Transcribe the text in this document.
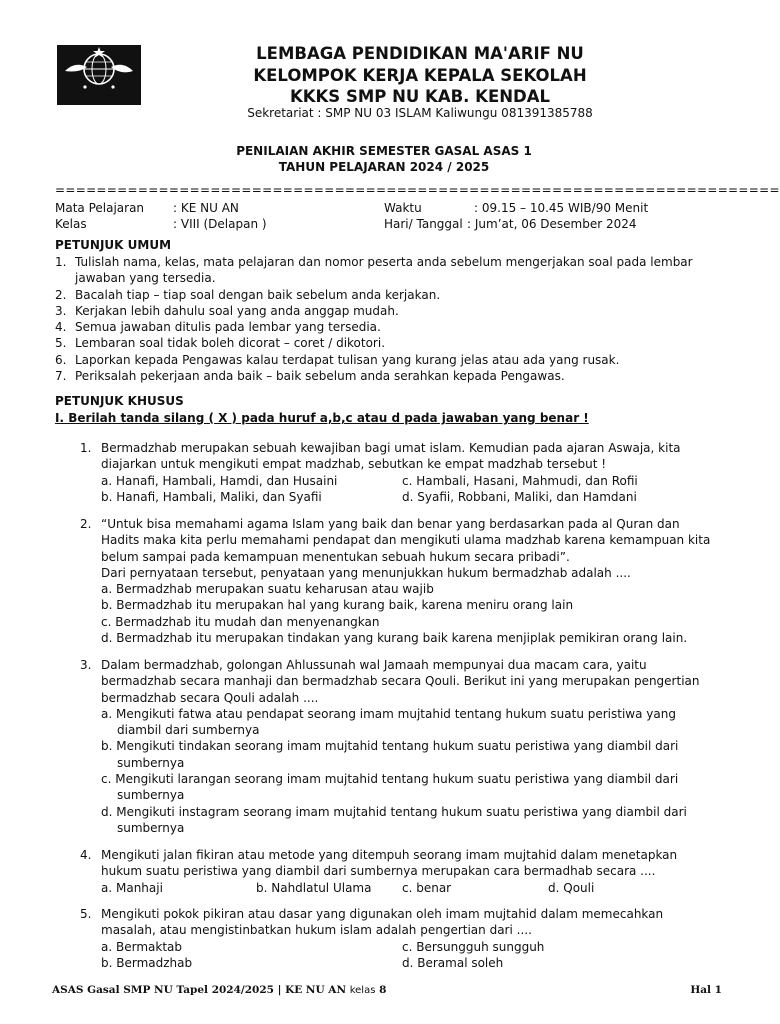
LP MA'ARIF NU
LEMBAGA PENDIDIKAN MA'ARIF NU
KELOMPOK KERJA KEPALA SEKOLAH
KKKS SMP NU KAB. KENDAL
Sekretariat : SMP NU 03 ISLAM Kaliwungu 081391385788
PENILAIAN AKHIR SEMESTER GASAL ASAS 1
TAHUN PELAJARAN 2024 / 2025
======================================================================
Mata Pelajaran : KE NU AN	Waktu	: 09.15 – 10.45 WIB/90 Menit
Kelas	: VIII (Delapan )	Hari/ Tanggal : Jum’at, 06 Desember 2024
PETUNJUK UMUM
1. Tulislah nama, kelas, mata pelajaran dan nomor peserta anda sebelum mengerjakan soal pada lembar jawaban yang tersedia.
2. Bacalah tiap – tiap soal dengan baik sebelum anda kerjakan.
3. Kerjakan lebih dahulu soal yang anda anggap mudah.
4. Semua jawaban ditulis pada lembar yang tersedia.
5. Lembaran soal tidak boleh dicorat – coret / dikotori.
6. Laporkan kepada Pengawas kalau terdapat tulisan yang kurang jelas atau ada yang rusak.
7. Periksalah pekerjaan anda baik – baik sebelum anda serahkan kepada Pengawas.
PETUNJUK KHUSUS
I. Berilah tanda silang ( X ) pada huruf a,b,c atau d pada jawaban yang benar !
1. Bermadzhab merupakan sebuah kewajiban bagi umat islam. Kemudian pada ajaran Aswaja, kita diajarkan untuk mengikuti empat madzhab, sebutkan ke empat madzhab tersebut !
a. Hanafi, Hambali, Hamdi, dan Husaini	c. Hambali, Hasani, Mahmudi, dan Rofii
b. Hanafi, Hambali, Maliki, dan Syafii	d. Syafii, Robbani, Maliki, dan Hamdani
2. “Untuk bisa memahami agama Islam yang baik dan benar yang berdasarkan pada al Quran dan Hadits maka kita perlu memahami pendapat dan mengikuti ulama madzhab karena kemampuan kita belum sampai pada kemampuan menentukan sebuah hukum secara pribadi”.
Dari pernyataan tersebut, penyataan yang menunjukkan hukum bermadzhab adalah ....
a. Bermadzhab merupakan suatu keharusan atau wajib
b. Bermadzhab itu merupakan hal yang kurang baik, karena meniru orang lain
c. Bermadzhab itu mudah dan menyenangkan
d. Bermadzhab itu merupakan tindakan yang kurang baik karena menjiplak pemikiran orang lain.
3. Dalam bermadzhab, golongan Ahlussunah wal Jamaah mempunyai dua macam cara, yaitu bermadzhab secara manhaji dan bermadzhab secara Qouli. Berikut ini yang merupakan pengertian bermadzhab secara Qouli adalah ....
a. Mengikuti fatwa atau pendapat seorang imam mujtahid tentang hukum suatu peristiwa yang
diambil dari sumbernya
b. Mengikuti tindakan seorang imam mujtahid tentang hukum suatu peristiwa yang diambil dari
sumbernya
c. Mengikuti larangan seorang imam mujtahid tentang hukum suatu peristiwa yang diambil dari
sumbernya
d. Mengikuti instagram seorang imam mujtahid tentang hukum suatu peristiwa yang diambil dari
sumbernya
4. Mengikuti jalan fikiran atau metode yang ditempuh seorang imam mujtahid dalam menetapkan hukum suatu peristiwa yang diambil dari sumbernya merupakan cara bermadhab secara ....
a. Manhaji	b. Nahdlatul Ulama	c. benar	d. Qouli
5. Mengikuti pokok pikiran atau dasar yang digunakan oleh imam mujtahid dalam memecahkan masalah, atau mengistinbatkan hukum islam adalah pengertian dari ....
a. Bermaktab	c. Bersungguh sungguh
b. Bermadzhab	d. Beramal soleh
ASAS Gasal SMP NU Tapel 2024/2025 | KE NU AN kelas 8	Hal 1
